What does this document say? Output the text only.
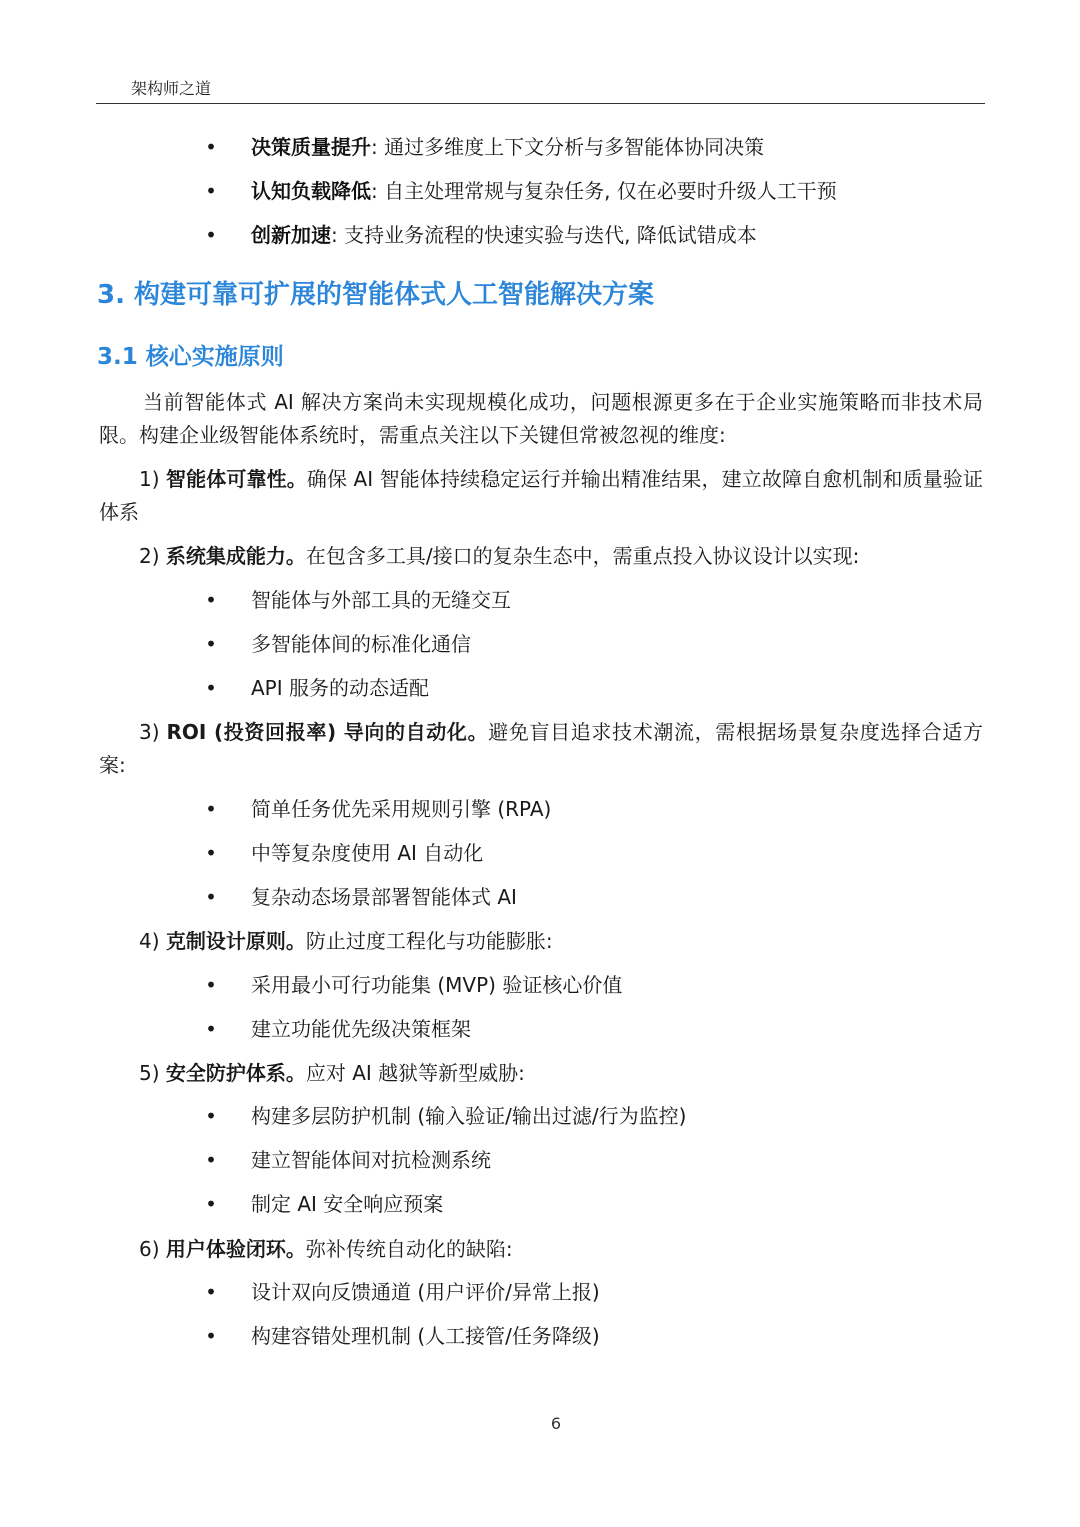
架构师之道
• 决策质量提升: 通过多维度上下文分析与多智能体协同决策
• 认知负载降低: 自主处理常规与复杂任务, 仅在必要时升级人工干预
• 创新加速: 支持业务流程的快速实验与迭代, 降低试错成本
3. 构建可靠可扩展的智能体式人工智能解决方案
3.1 核心实施原则

当前智能体式 AI 解决方案尚未实现规模化成功，问题根源更多在于企业实施策略而非技术局限。构建企业级智能体系统时，需重点关注以下关键但常被忽视的维度:

1) 智能体可靠性。确保 AI 智能体持续稳定运行并输出精准结果，建立故障自愈机制和质量验证体系

2) 系统集成能力。在包含多工具/接口的复杂生态中，需重点投入协议设计以实现:

• 智能体与外部工具的无缝交互
• 多智能体间的标准化通信
• API 服务的动态适配

3) ROI (投资回报率) 导向的自动化。避免盲目追求技术潮流，需根据场景复杂度选择合适方案:

• 简单任务优先采用规则引擎 (RPA)
• 中等复杂度使用 AI 自动化
• 复杂动态场景部署智能体式 AI

4) 克制设计原则。防止过度工程化与功能膨胀:

• 采用最小可行功能集 (MVP) 验证核心价值
• 建立功能优先级决策框架

5) 安全防护体系。应对 AI 越狱等新型威胁:

• 构建多层防护机制 (输入验证/输出过滤/行为监控)
• 建立智能体间对抗检测系统
• 制定 AI 安全响应预案

6) 用户体验闭环。弥补传统自动化的缺陷:

• 设计双向反馈通道 (用户评价/异常上报)
• 构建容错处理机制 (人工接管/任务降级)
6
